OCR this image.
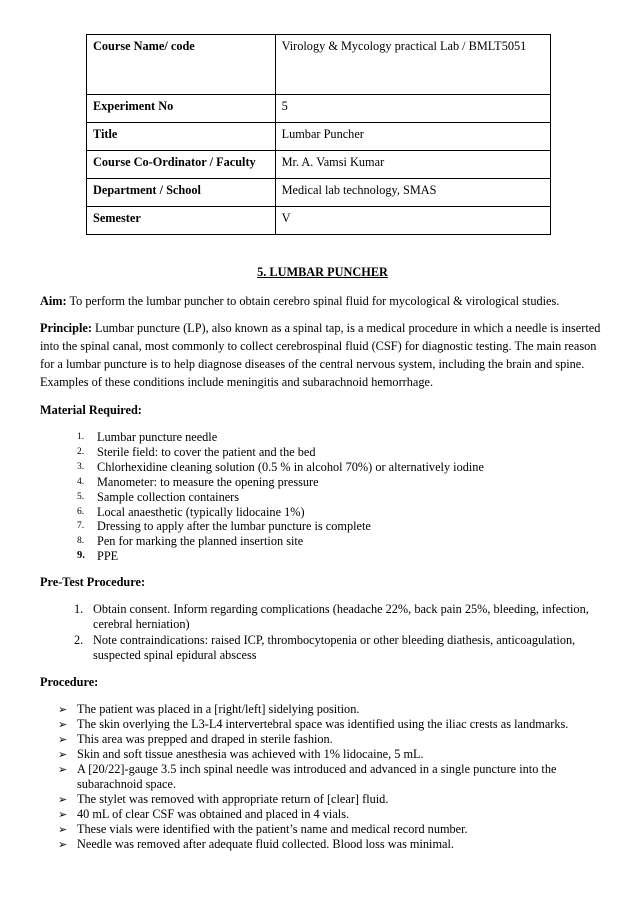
Course Name/ code	Virology & Mycology practical Lab / BMLT5051
Experiment No	5
Title	Lumbar Puncher
Course Co-Ordinator / Faculty	Mr. A. Vamsi Kumar
Department / School	Medical lab technology, SMAS
Semester	V
5. LUMBAR PUNCHER

Aim: To perform the lumbar puncher to obtain cerebro spinal fluid for mycological & virological studies.

Principle: Lumbar puncture (LP), also known as a spinal tap, is a medical procedure in which a needle is inserted into the spinal canal, most commonly to collect cerebrospinal fluid (CSF) for diagnostic testing. The main reason for a lumbar puncture is to help diagnose diseases of the central nervous system, including the brain and spine. Examples of these conditions include meningitis and subarachnoid hemorrhage.

Material Required:
1.	Lumbar puncture needle
2.	Sterile field: to cover the patient and the bed
3.	Chlorhexidine cleaning solution (0.5 % in alcohol 70%) or alternatively iodine
4.	Manometer: to measure the opening pressure
5.	Sample collection containers
6.	Local anaesthetic (typically lidocaine 1%)
7.	Dressing to apply after the lumbar puncture is complete
8.	Pen for marking the planned insertion site
9. PPE
Pre-Test Procedure:
1. Obtain consent. Inform regarding complications (headache 22%, back pain 25%, bleeding, infection, cerebral herniation)
2. Note contraindications: raised ICP, thrombocytopenia or other bleeding diathesis, anticoagulation, suspected spinal epidural abscess
Procedure:
➢ The patient was placed in a [right/left] sidelying position.
➢ The skin overlying the L3-L4 intervertebral space was identified using the iliac crests as landmarks.
➢ This area was prepped and draped in sterile fashion.
➢ Skin and soft tissue anesthesia was achieved with 1% lidocaine, 5 mL.
➢ A [20/22]-gauge 3.5 inch spinal needle was introduced and advanced in a single puncture into the subarachnoid space.
➢ The stylet was removed with appropriate return of [clear] fluid.
➢ 40 mL of clear CSF was obtained and placed in 4 vials.
➢ These vials were identified with the patient’s name and medical record number.
➢ Needle was removed after adequate fluid collected. Blood loss was minimal.
